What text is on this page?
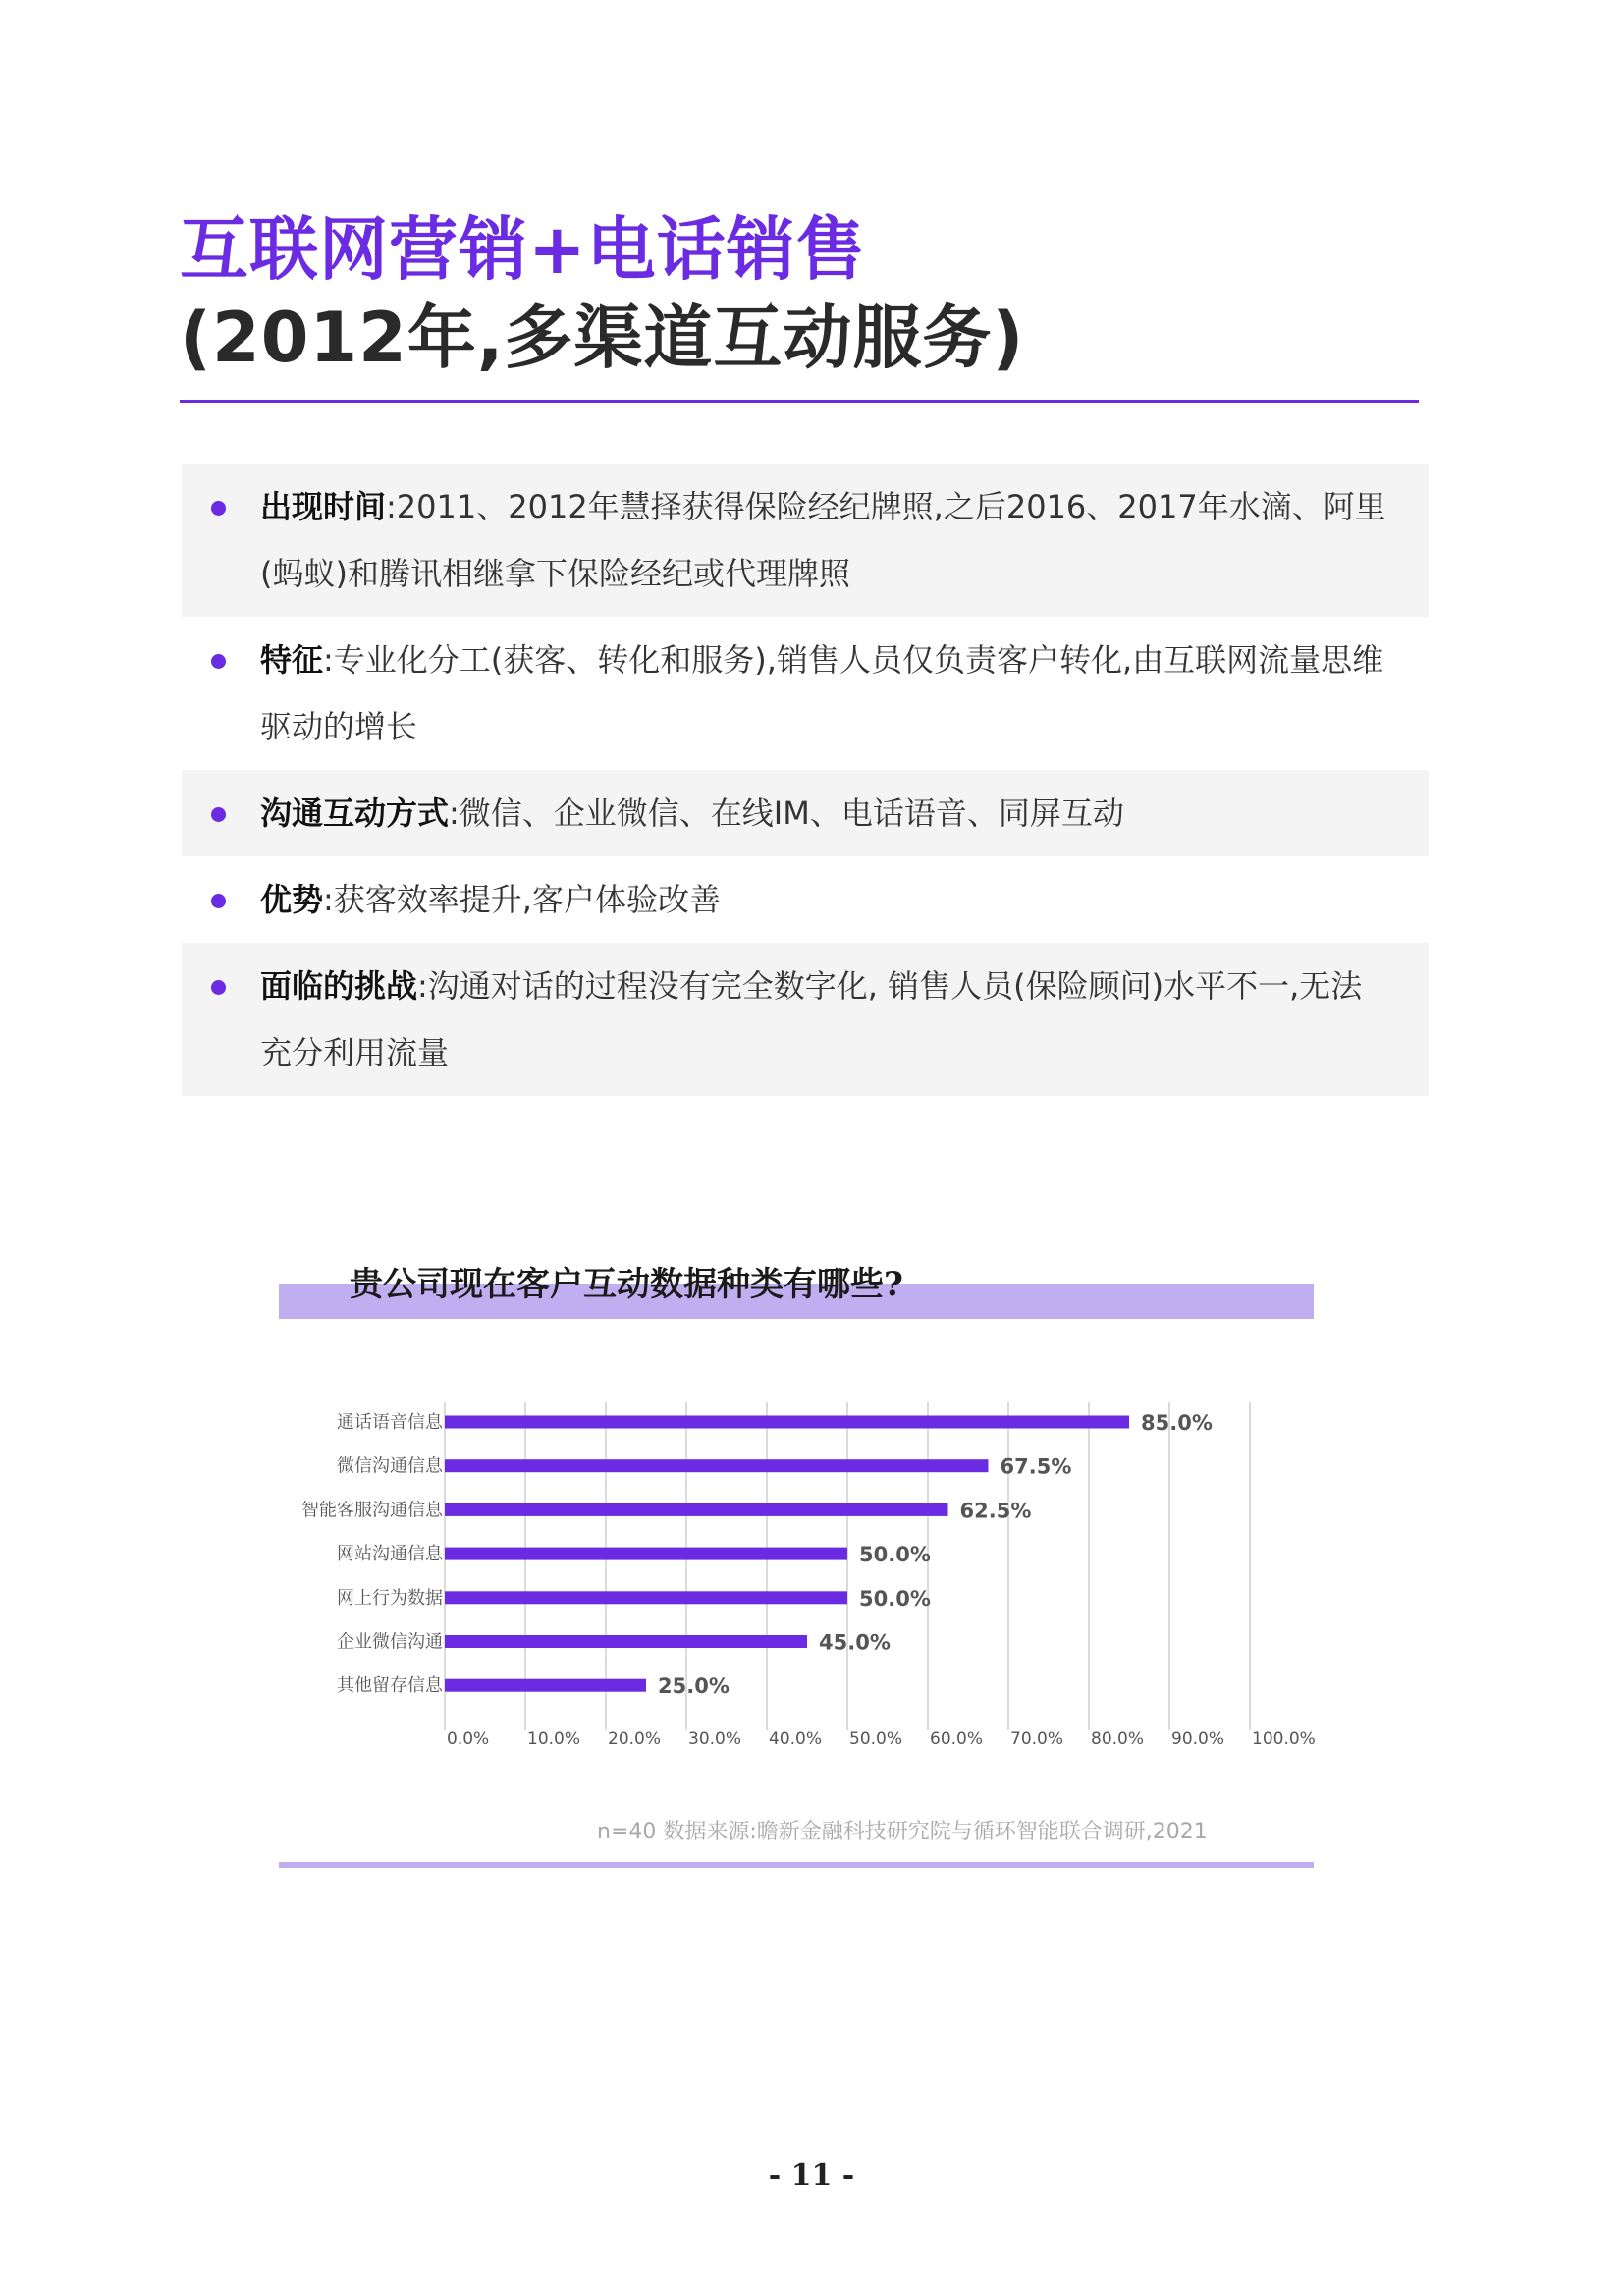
互联网营销+电话销售
(2012年,多渠道互动服务)
出现时间:2011、2012年慧择获得保险经纪牌照,之后2016、2017年水滴、阿里(蚂蚁)和腾讯相继拿下保险经纪或代理牌照
特征:专业化分工(获客、转化和服务),销售人员仅负责客户转化,由互联网流量思维驱动的增长
沟通互动方式:微信、企业微信、在线IM、电话语音、同屏互动
优势:获客效率提升,客户体验改善
面临的挑战:沟通对话的过程没有完全数字化, 销售人员(保险顾问)水平不一,无法充分利用流量
贵公司现在客户互动数据种类有哪些?
0.0% 10.0% 20.0% 30.0% 40.0% 50.0% 60.0% 70.0% 80.0% 90.0% 100.0%
通话语音信息	85.0%
微信沟通信息	67.5%
智能客服沟通信息	62.5%
网站沟通信息	50.0%
网上行为数据	50.0%
企业微信沟通	45.0%
其他留存信息	25.0%
n=40 数据来源:瞻新金融科技研究院与循环智能联合调研,2021
- 11 -
